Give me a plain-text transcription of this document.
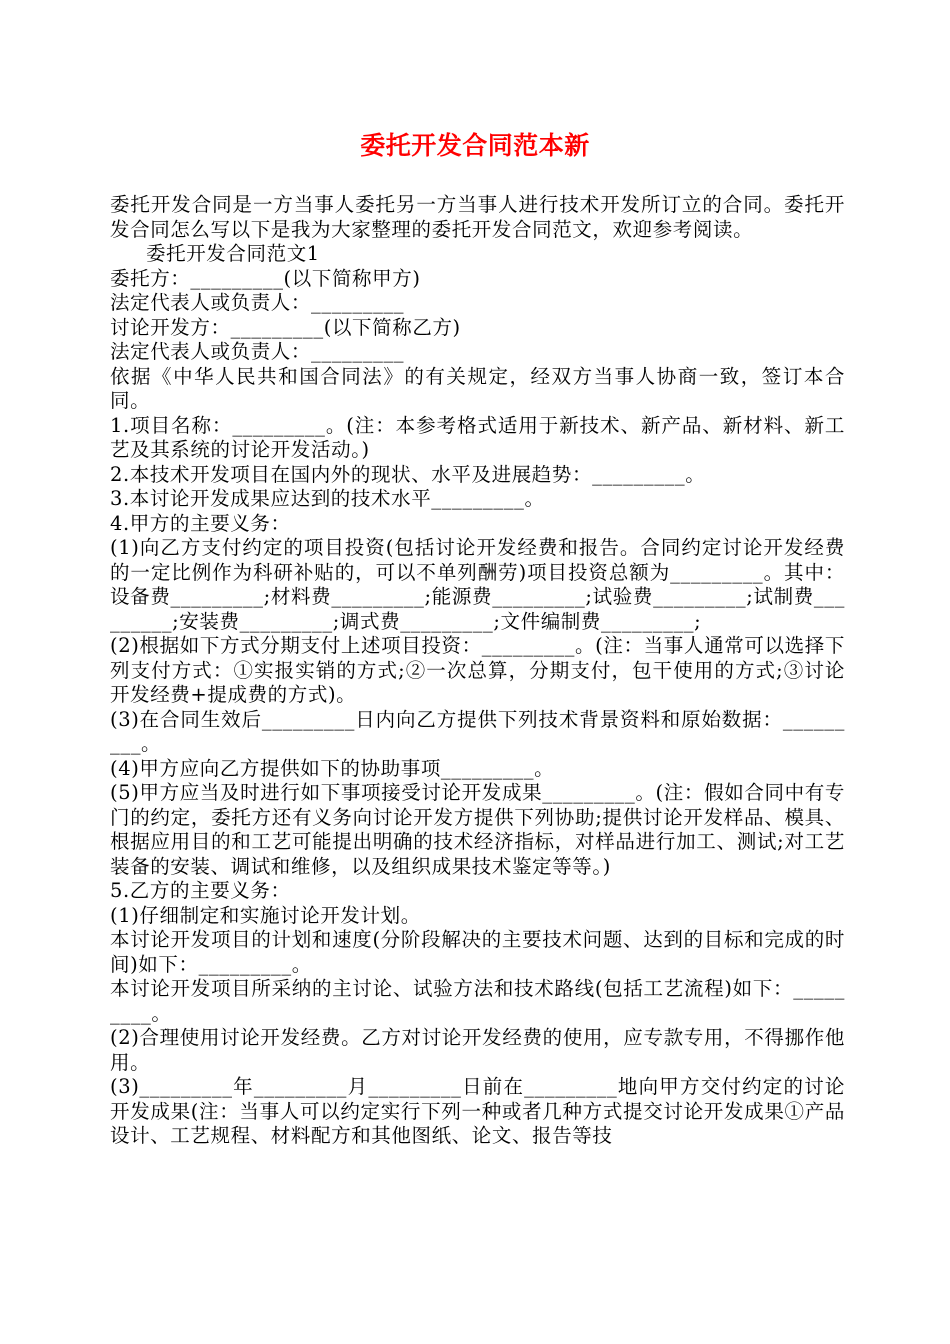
委托开发合同范本新

委托开发合同是一方当事人委托另一方当事人进行技术开发所订立的合同。委托开发合同怎么写以下是我为大家整理的委托开发合同范文，欢迎参考阅读。

委托开发合同范文1

委托方：_________(以下简称甲方)

法定代表人或负责人：_________

讨论开发方：_________(以下简称乙方)

法定代表人或负责人：_________

依据《中华人民共和国合同法》的有关规定，经双方当事人协商一致，签订本合同。

1.项目名称：_________。(注：本参考格式适用于新技术、新产品、新材料、新工艺及其系统的讨论开发活动。)

2.本技术开发项目在国内外的现状、水平及进展趋势：_________。

3.本讨论开发成果应达到的技术水平_________。

4.甲方的主要义务：

(1)向乙方支付约定的项目投资(包括讨论开发经费和报告。合同约定讨论开发经费的一定比例作为科研补贴的，可以不单列酬劳)项目投资总额为_________。其中：设备费_________;材料费_________;能源费_________;试验费_________;试制费_________;安装费_________;调式费_________;文件编制费_________;

(2)根据如下方式分期支付上述项目投资：_________。(注：当事人通常可以选择下列支付方式：①实报实销的方式;②一次总算，分期支付，包干使用的方式;③讨论开发经费+提成费的方式)。

(3)在合同生效后_________日内向乙方提供下列技术背景资料和原始数据：_________。

(4)甲方应向乙方提供如下的协助事项_________。

(5)甲方应当及时进行如下事项接受讨论开发成果_________。(注：假如合同中有专门的约定，委托方还有义务向讨论开发方提供下列协助;提供讨论开发样品、模具、根据应用目的和工艺可能提出明确的技术经济指标，对样品进行加工、测试;对工艺装备的安装、调试和维修，以及组织成果技术鉴定等等。)

5.乙方的主要义务：

(1)仔细制定和实施讨论开发计划。

本讨论开发项目的计划和速度(分阶段解决的主要技术问题、达到的目标和完成的时间)如下：_________。

本讨论开发项目所采纳的主讨论、试验方法和技术路线(包括工艺流程)如下：_________。

(2)合理使用讨论开发经费。乙方对讨论开发经费的使用，应专款专用，不得挪作他用。

(3)_________年_________月_________日前在_________地向甲方交付约定的讨论开发成果(注：当事人可以约定实行下列一种或者几种方式提交讨论开发成果①产品设计、工艺规程、材料配方和其他图纸、论文、报告等技
